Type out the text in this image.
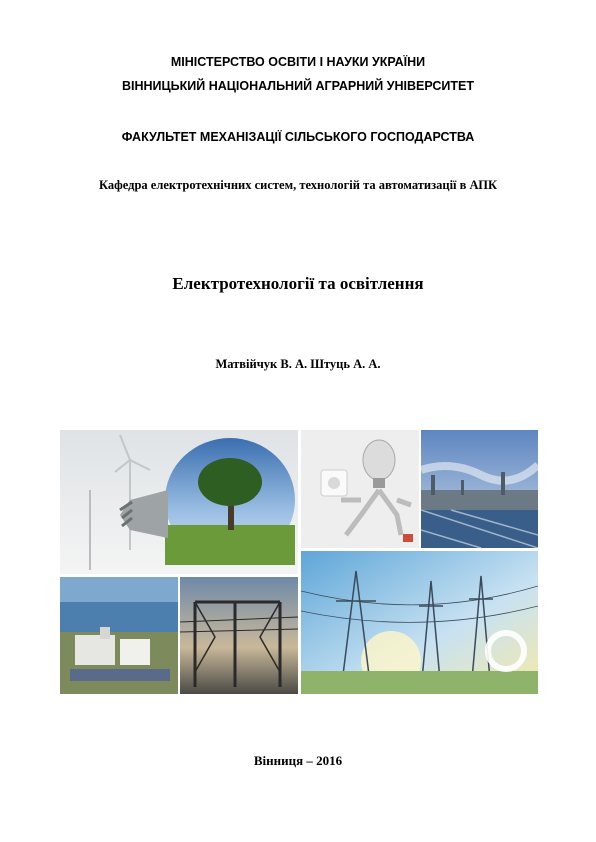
МІНІСТЕРСТВО ОСВІТИ І НАУКИ УКРАЇНИ
ВІННИЦЬКИЙ НАЦІОНАЛЬНИЙ АГРАРНИЙ УНІВЕРСИТЕТ
ФАКУЛЬТЕТ МЕХАНІЗАЦІЇ СІЛЬСЬКОГО ГОСПОДАРСТВА
Кафедра електротехнічних систем, технологій та автоматизації в АПК
Електротехнології та освітлення
Матвійчук В. А. Штуць А. А.
Вінниця – 2016
